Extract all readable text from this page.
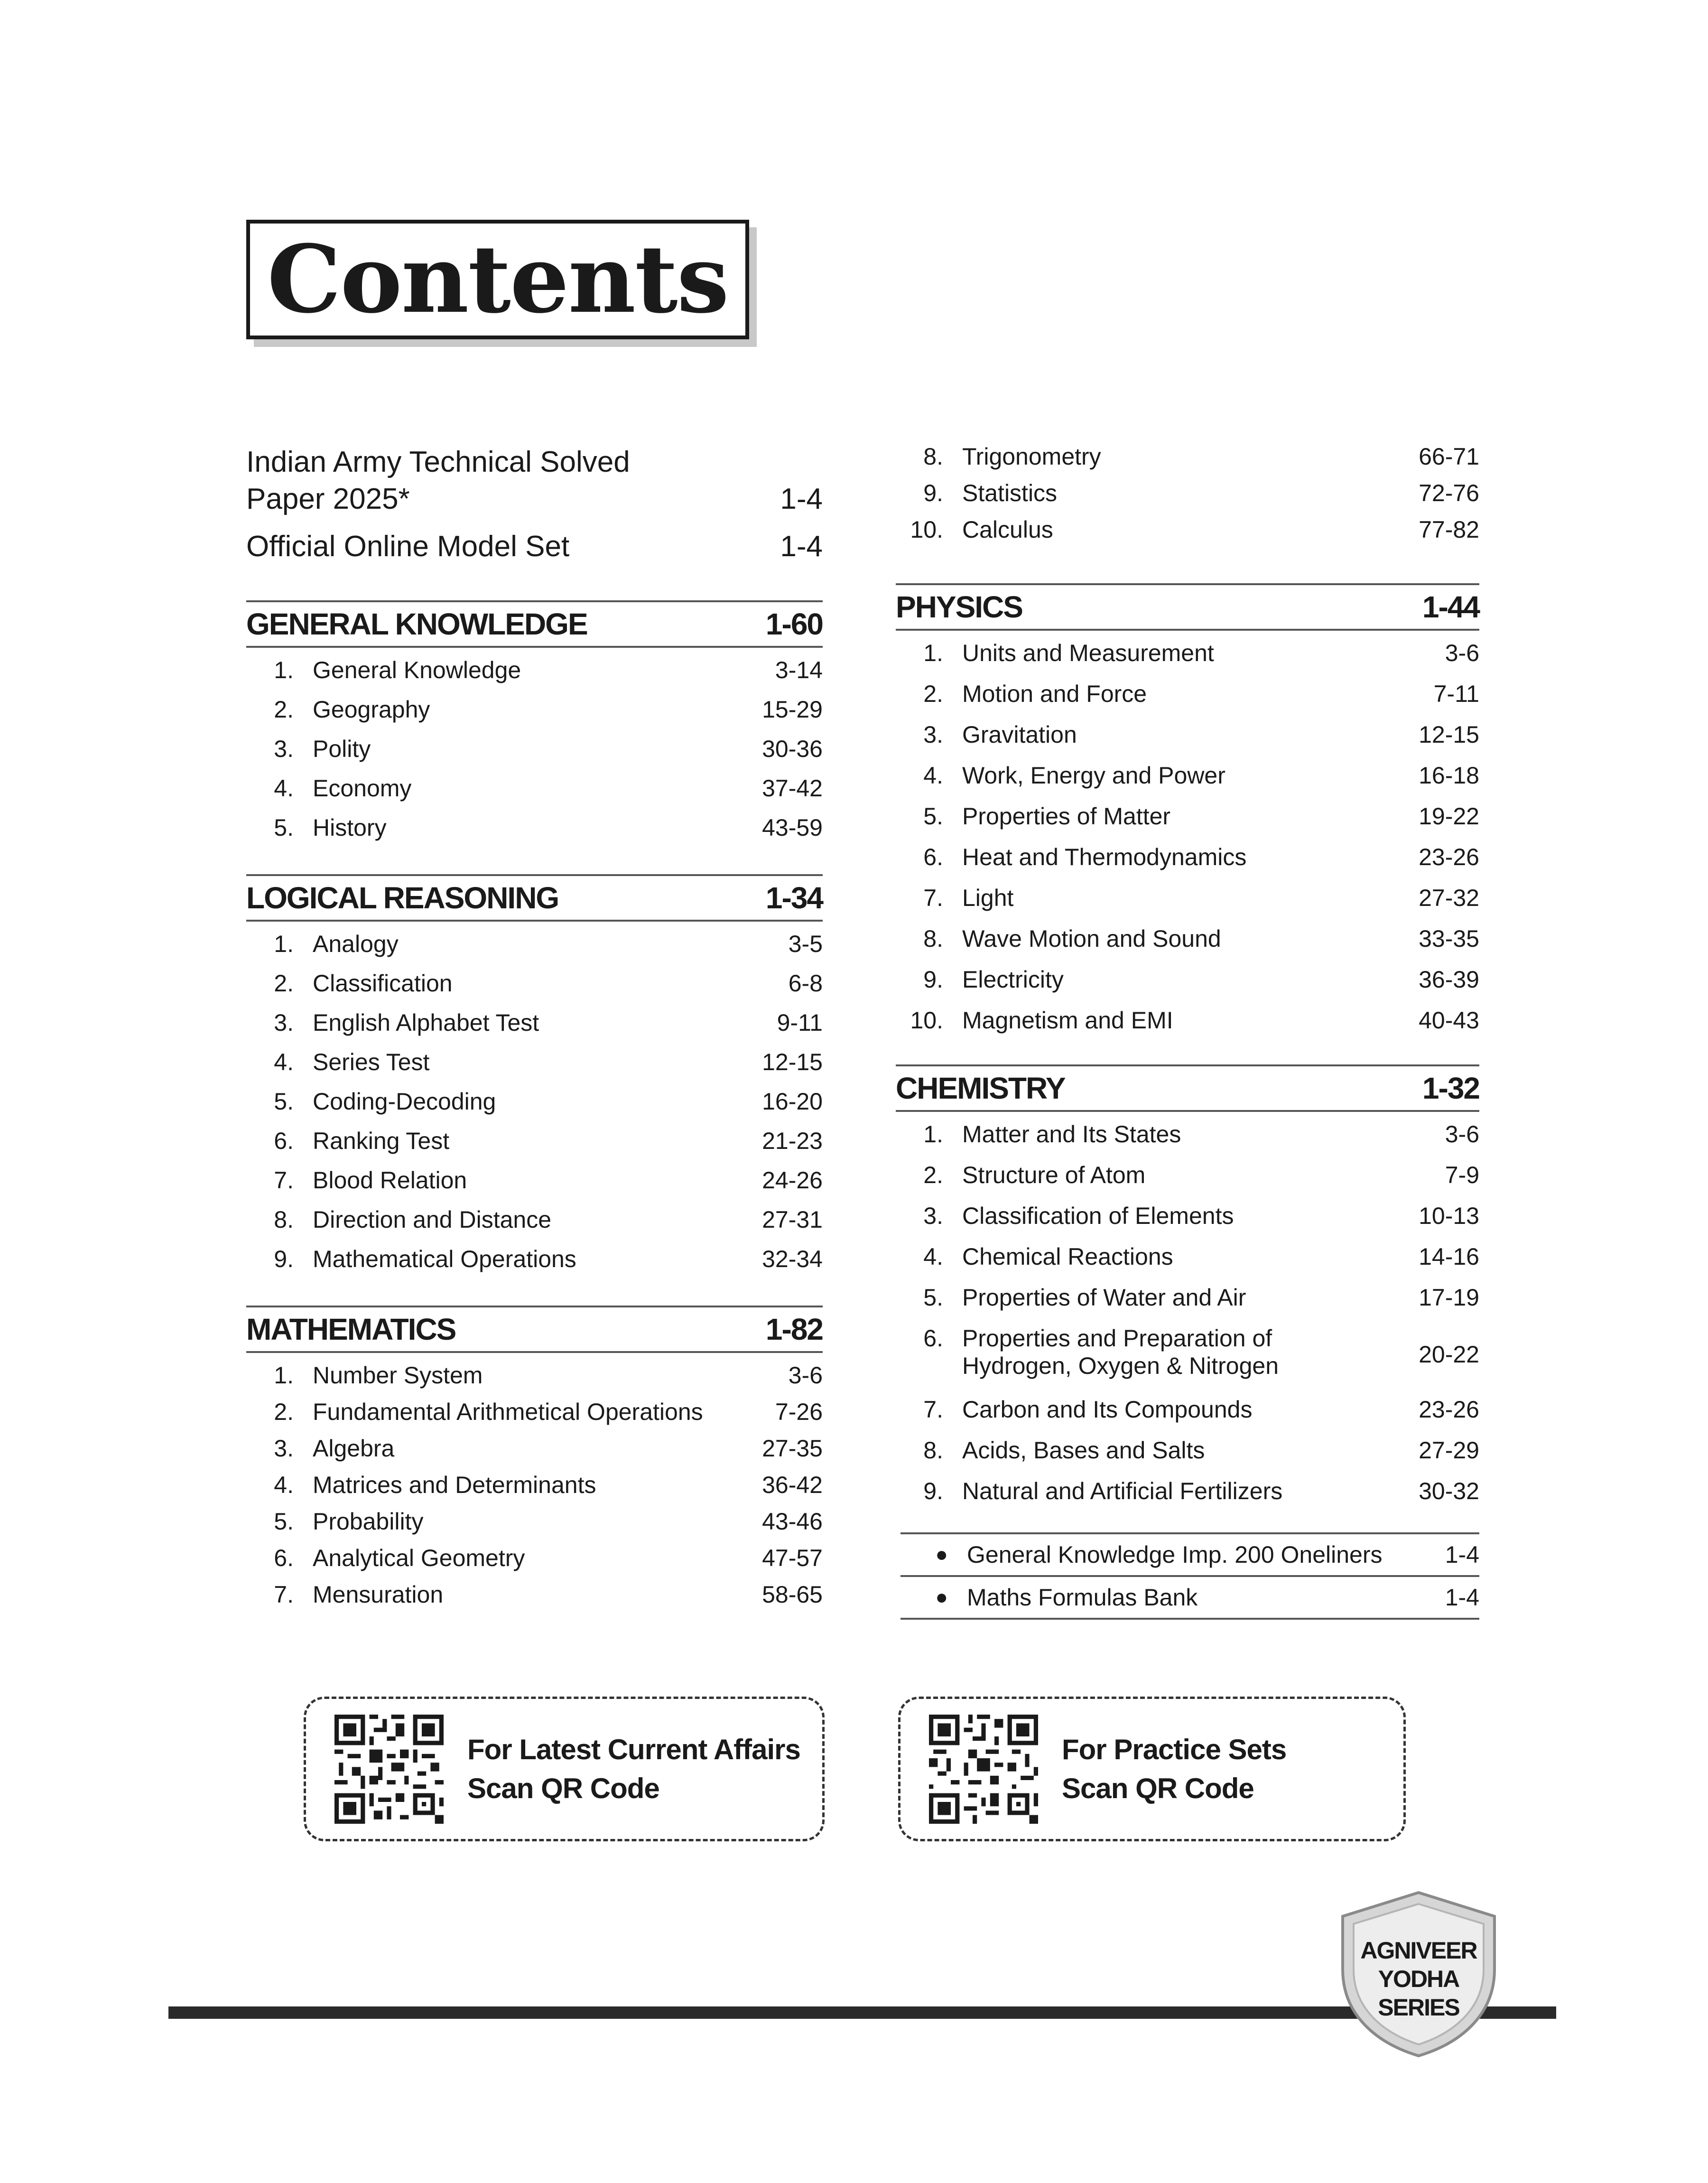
Contents
Indian Army Technical Solved
Paper 2025*	1-4
Official Online Model Set	1-4
GENERAL KNOWLEDGE	1-60
1. General Knowledge	3-14
2. Geography	15-29
3. Polity	30-36
4. Economy	37-42
5. History	43-59
LOGICAL REASONING	1-34
1. Analogy	3-5
2. Classification	6-8
3. English Alphabet Test	9-11
4. Series Test	12-15
5. Coding-Decoding	16-20
6. Ranking Test	21-23
7. Blood Relation	24-26
8. Direction and Distance	27-31
9. Mathematical Operations	32-34
MATHEMATICS	1-82
1. Number System	3-6
2. Fundamental Arithmetical Operations	7-26
3. Algebra	27-35
4. Matrices and Determinants	36-42
5. Probability	43-46
6. Analytical Geometry	47-57
7. Mensuration	58-65
8. Trigonometry	66-71
9. Statistics	72-76
10. Calculus	77-82
PHYSICS	1-44
1. Units and Measurement	3-6
2. Motion and Force	7-11
3. Gravitation	12-15
4. Work, Energy and Power	16-18
5. Properties of Matter	19-22
6. Heat and Thermodynamics	23-26
7. Light	27-32
8. Wave Motion and Sound	33-35
9. Electricity	36-39
10. Magnetism and EMI	40-43
CHEMISTRY	1-32
1. Matter and Its States	3-6
2. Structure of Atom	7-9
3. Classification of Elements	10-13
4. Chemical Reactions	14-16
5. Properties of Water and Air	17-19
6. Properties and Preparation of
Hydrogen, Oxygen & Nitrogen	20-22
7. Carbon and Its Compounds	23-26
8. Acids, Bases and Salts	27-29
9. Natural and Artificial Fertilizers	30-32
● General Knowledge Imp. 200 Oneliners	1-4
● Maths Formulas Bank	1-4
For Latest Current Affairs
Scan QR Code
For Practice Sets
Scan QR Code
AGNIVEER
YODHA
SERIES
